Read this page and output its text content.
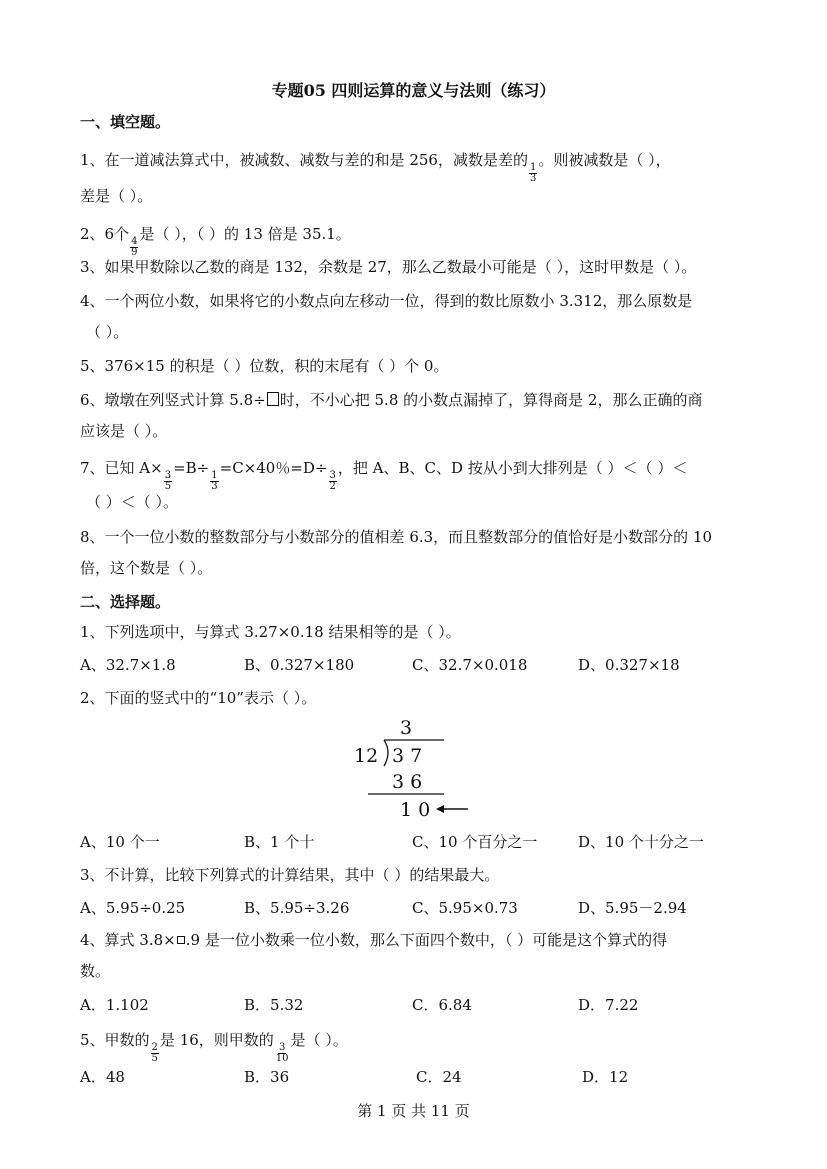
专题05 四则运算的意义与法则（练习）
一、填空题。
1、在一道减法算式中，被减数、减数与差的和是 256，减数是差的
$\frac{1}{3}$
。则被减数是（ ），
差是（ ）。
2、6个
$\frac{4}{9}$
是（ ），（ ）的 13 倍是 35.1。
3、如果甲数除以乙数的商是 132，余数是 27，那么乙数最小可能是（ ），这时甲数是（ ）。
4、一个两位小数，如果将它的小数点向左移动一位，得到的数比原数小 3.312，那么原数是
（ ）。
5、376×15 的积是（ ）位数，积的末尾有（ ）个 0。
6、墩墩在列竖式计算 5.8÷ 时，不小心把 5.8 的小数点漏掉了，算得商是 2，那么正确的商
应该是（ ）。
7、已知 A×
$\frac{3}{5}$
=B÷
$\frac{1}{3}$
=C×40％=D÷
$\frac{3}{2}$
，把 A、B、C、D 按从小到大排列是（ ）＜（ ）＜
（ ）＜（ ）。
8、一个一位小数的整数部分与小数部分的值相差 6.3，而且整数部分的值恰好是小数部分的 10
倍，这个数是（ ）。
二、选择题。
1、下列选项中，与算式 3.27×0.18 结果相等的是（ ）。
A、32.7×1.8	B、0.327×180	C、32.7×0.018	D、0.327×18
2、下面的竖式中的“10”表示（ ）。
3
12 3 7
3 6
1 0
A、10 个一	B、1 个十	C、10 个百分之一	D、10 个十分之一
3、不计算，比较下列算式的计算结果，其中（ ）的结果最大。
A、5.95÷0.25	B、5.95÷3.26	C、5.95×0.73	D、5.95－2.94
4、算式 3.8× .9 是一位小数乘一位小数，那么下面四个数中，（ ）可能是这个算式的得
数。
A．1.102	B．5.32	C．6.84	D．7.22
5、甲数的
$\frac{2}{5}$
是 16，则甲数的
$\frac{3}{10}$
是（ ）。
A．48	B．36	C．24	D．12
第 1 页 共 11 页
